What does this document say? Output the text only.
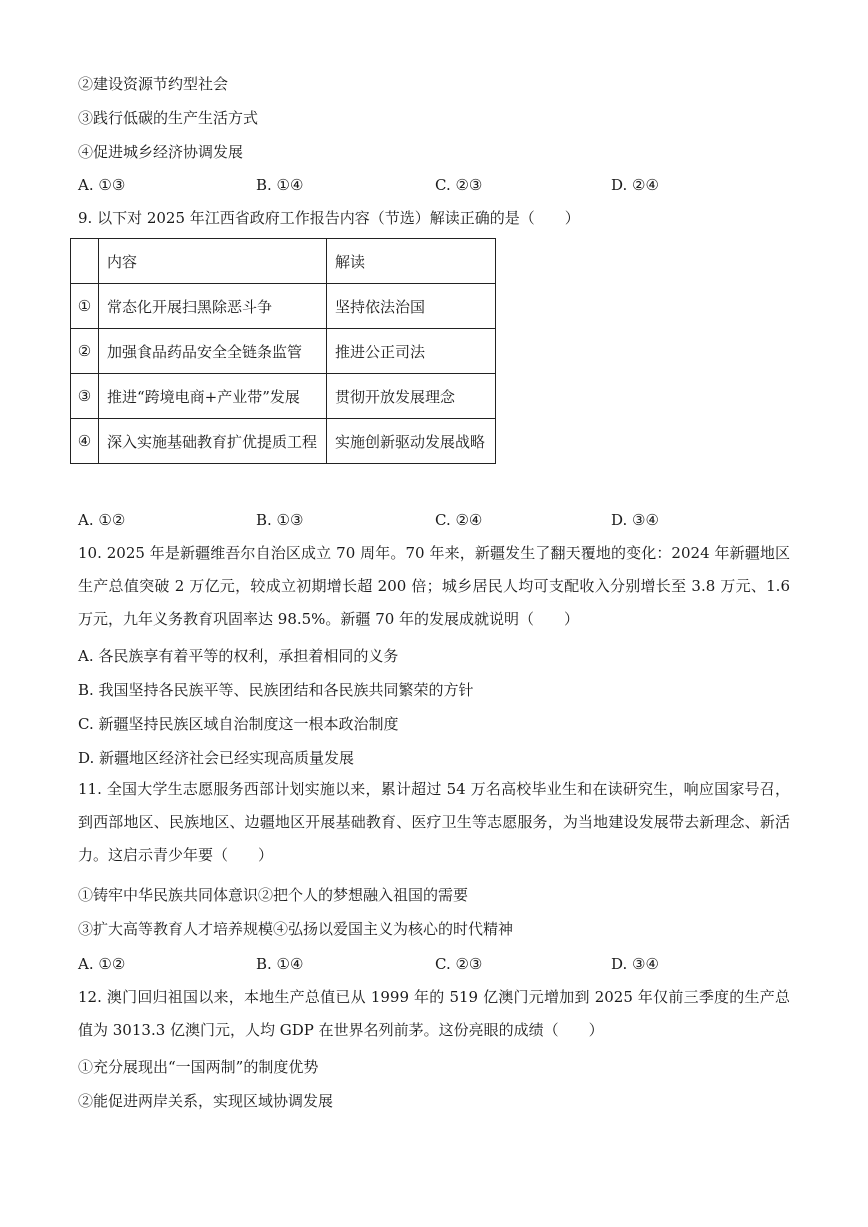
②建设资源节约型社会
③践行低碳的生产生活方式
④促进城乡经济协调发展
A. ①③	B. ①④	C. ②③	D. ②④
9. 以下对 2025 年江西省政府工作报告内容（节选）解读正确的是（　　）
	内容	解读
①	常态化开展扫黑除恶斗争	坚持依法治国
②	加强食品药品安全全链条监管	推进公正司法
③	推进“跨境电商+产业带”发展	贯彻开放发展理念
④	深入实施基础教育扩优提质工程	实施创新驱动发展战略
A. ①②	B. ①③	C. ②④	D. ③④
10. 2025 年是新疆维吾尔自治区成立 70 周年。70 年来，新疆发生了翻天覆地的变化：2024 年新疆地区生产总值突破 2 万亿元，较成立初期增长超 200 倍；城乡居民人均可支配收入分别增长至 3.8 万元、1.6 万元，九年义务教育巩固率达 98.5%。新疆 70 年的发展成就说明（　　）
A. 各民族享有着平等的权利，承担着相同的义务
B. 我国坚持各民族平等、民族团结和各民族共同繁荣的方针
C. 新疆坚持民族区域自治制度这一根本政治制度
D. 新疆地区经济社会已经实现高质量发展
11. 全国大学生志愿服务西部计划实施以来，累计超过 54 万名高校毕业生和在读研究生，响应国家号召，到西部地区、民族地区、边疆地区开展基础教育、医疗卫生等志愿服务，为当地建设发展带去新理念、新活力。这启示青少年要（　　）
①铸牢中华民族共同体意识②把个人的梦想融入祖国的需要
③扩大高等教育人才培养规模④弘扬以爱国主义为核心的时代精神
A. ①②	B. ①④	C. ②③	D. ③④
12. 澳门回归祖国以来，本地生产总值已从 1999 年的 519 亿澳门元增加到 2025 年仅前三季度的生产总值为 3013.3 亿澳门元，人均 GDP 在世界名列前茅。这份亮眼的成绩（　　）
①充分展现出“一国两制”的制度优势
②能促进两岸关系，实现区域协调发展
